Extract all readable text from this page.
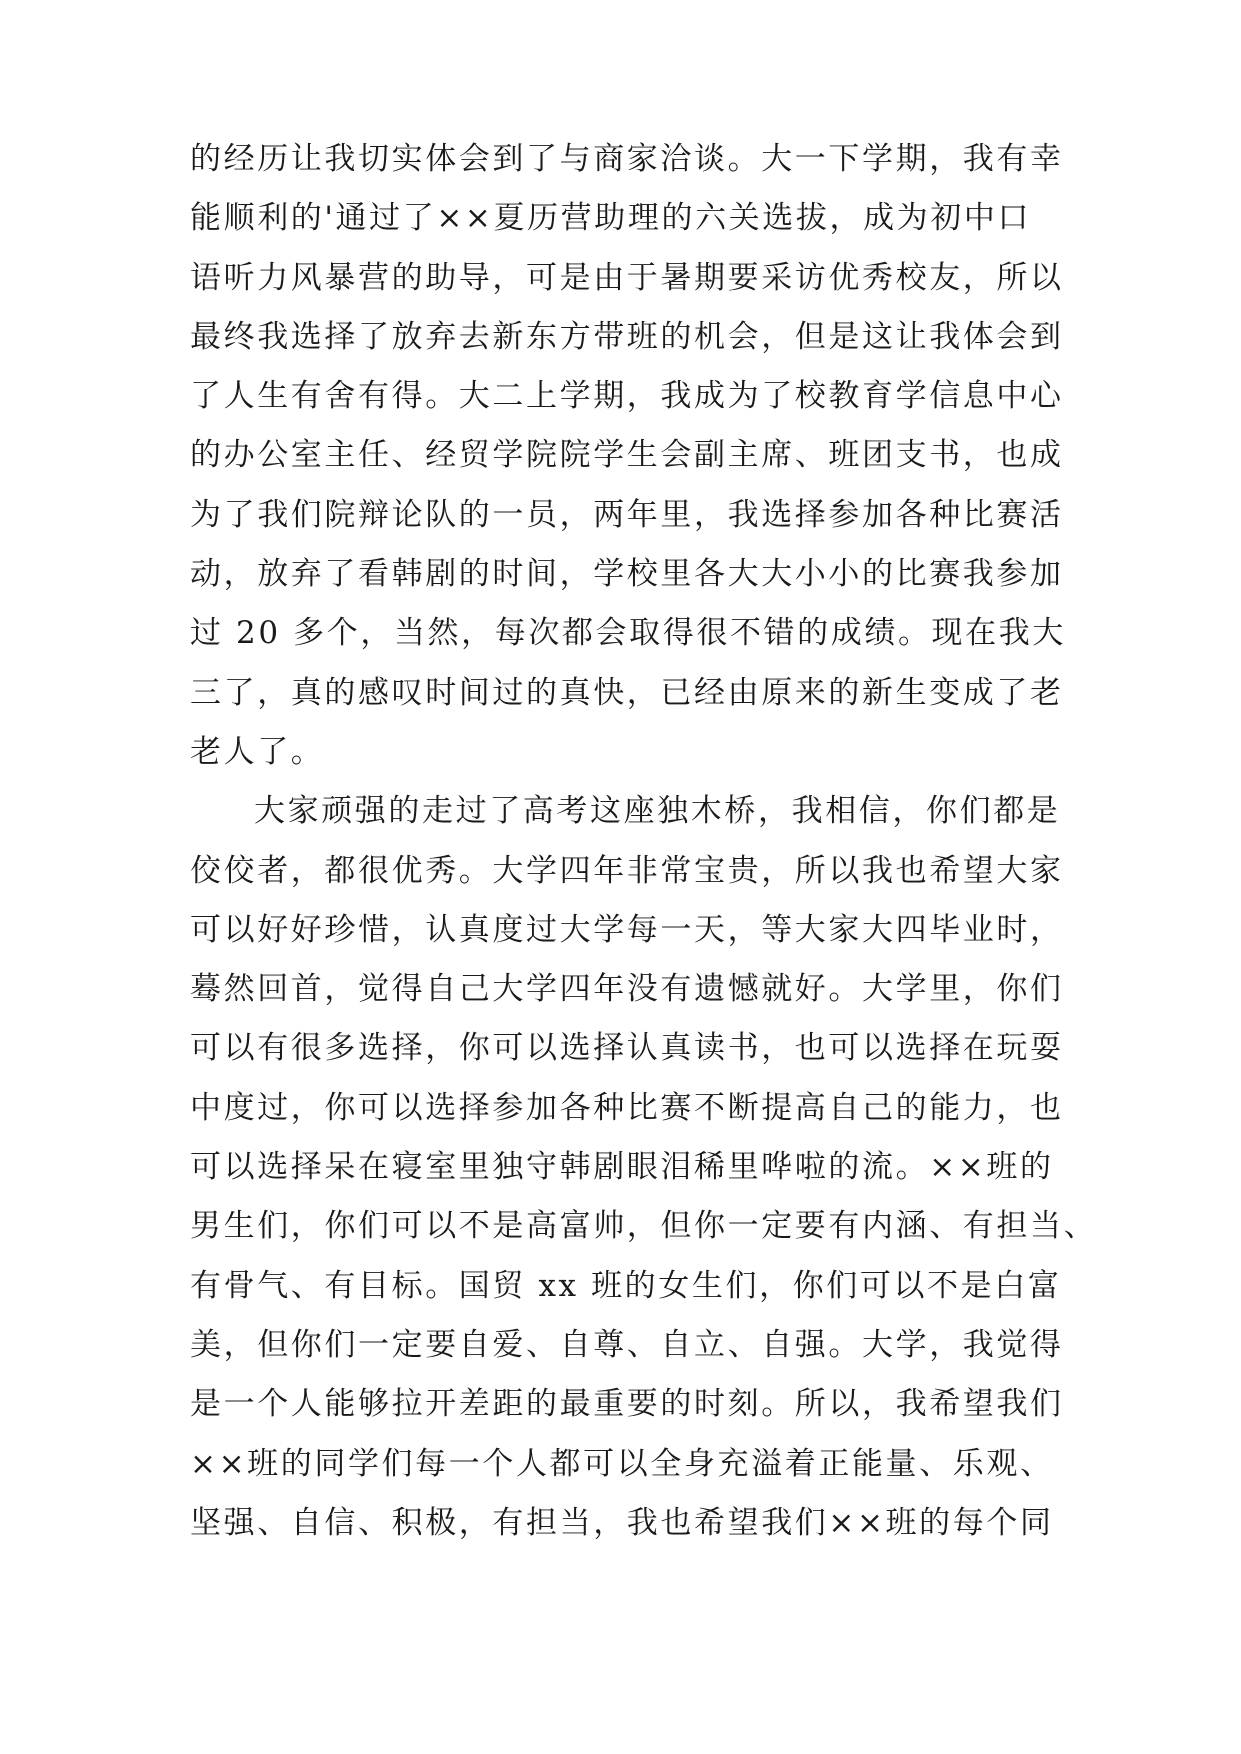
的经历让我切实体会到了与商家洽谈。大一下学期，我有幸
能顺利的'通过了××夏历营助理的六关选拔，成为初中口
语听力风暴营的助导，可是由于暑期要采访优秀校友，所以
最终我选择了放弃去新东方带班的机会，但是这让我体会到
了人生有舍有得。大二上学期，我成为了校教育学信息中心
的办公室主任、经贸学院院学生会副主席、班团支书，也成
为了我们院辩论队的一员，两年里，我选择参加各种比赛活
动，放弃了看韩剧的时间，学校里各大大小小的比赛我参加
过 20 多个，当然，每次都会取得很不错的成绩。现在我大
三了，真的感叹时间过的真快，已经由原来的新生变成了老
老人了。
大家顽强的走过了高考这座独木桥，我相信，你们都是
佼佼者，都很优秀。大学四年非常宝贵，所以我也希望大家
可以好好珍惜，认真度过大学每一天，等大家大四毕业时，
蓦然回首，觉得自己大学四年没有遗憾就好。大学里，你们
可以有很多选择，你可以选择认真读书，也可以选择在玩耍
中度过，你可以选择参加各种比赛不断提高自己的能力，也
可以选择呆在寝室里独守韩剧眼泪稀里哗啦的流。××班的
男生们，你们可以不是高富帅，但你一定要有内涵、有担当、
有骨气、有目标。国贸 xx 班的女生们，你们可以不是白富
美，但你们一定要自爱、自尊、自立、自强。大学，我觉得
是一个人能够拉开差距的最重要的时刻。所以，我希望我们
××班的同学们每一个人都可以全身充溢着正能量、乐观、
坚强、自信、积极，有担当，我也希望我们××班的每个同
